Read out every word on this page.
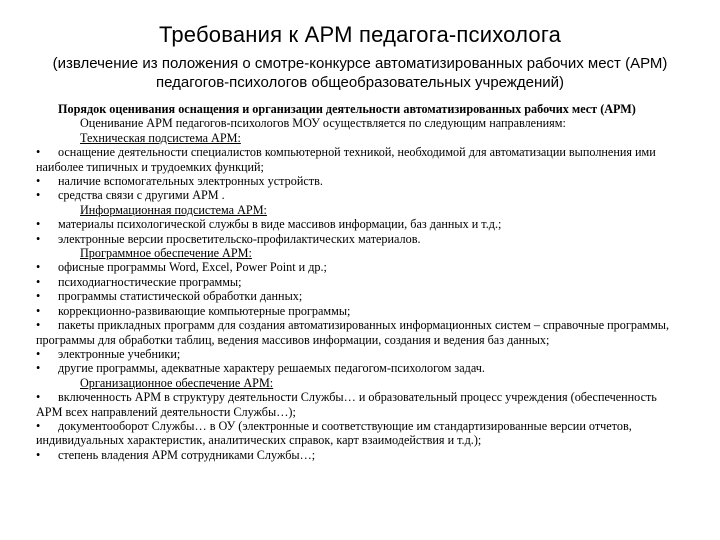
Требования к АРМ педагога-психолога
(извлечение из положения о смотре-конкурсе автоматизированных рабочих мест (АРМ) педагогов-психологов общеобразовательных учреждений)
Порядок оценивания оснащения и организации деятельности автоматизированных рабочих мест (АРМ)
Оценивание АРМ педагогов-психологов МОУ осуществляется по следующим направлениям:
Техническая подсистема АРМ:
• оснащение деятельности специалистов компьютерной техникой, необходимой для автоматизации выполнения ими наиболее типичных и трудоемких функций;
• наличие вспомогательных электронных устройств.
• средства связи с другими АРМ .
Информационная подсистема АРМ:
• материалы психологической службы в виде массивов информации, баз данных и т.д.;
• электронные версии просветительско-профилактических материалов.
Программное обеспечение АРМ:
• офисные программы Word, Excel, Power Point и др.;
• психодиагностические программы;
• программы статистической обработки данных;
• коррекционно-развивающие компьютерные программы;
• пакеты прикладных программ для создания автоматизированных информационных систем – справочные программы, программы для обработки таблиц, ведения массивов информации, создания и ведения баз данных;
• электронные учебники;
• другие программы, адекватные характеру решаемых педагогом-психологом задач.
Организационное обеспечение АРМ:
• включенность АРМ в структуру деятельности Службы… и образовательный процесс учреждения (обеспеченность АРМ всех направлений деятельности Службы…);
• документооборот Службы… в ОУ (электронные и соответствующие им стандартизированные версии отчетов, индивидуальных характеристик, аналитических справок, карт взаимодействия и т.д.);
• степень владения АРМ сотрудниками Службы…;
